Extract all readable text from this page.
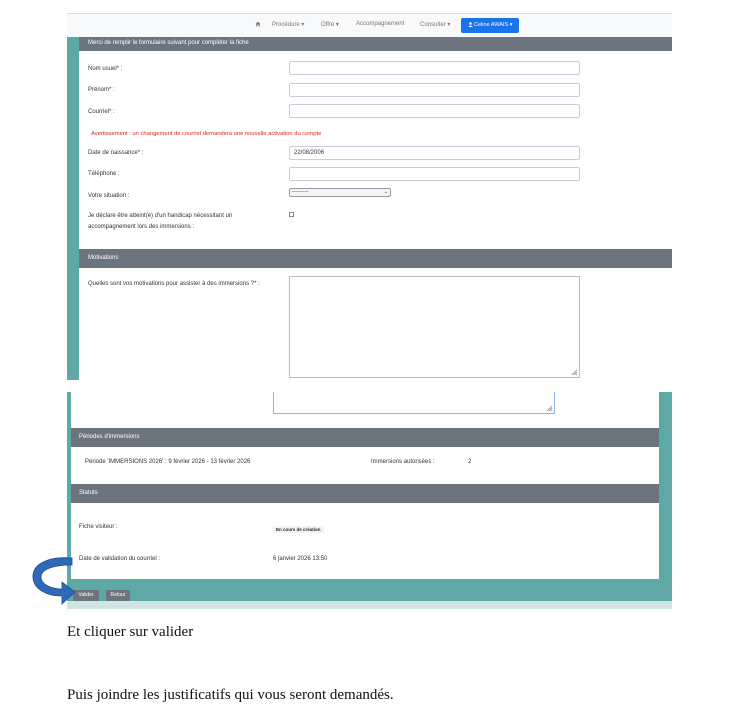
Procédure ▾	Offre ▾	Accompagnement	Consulter ▾	Celine AWAIS ▾
Merci de remplir le formulaire suivant pour compléter la fiche
Nom usuel* :
Prénom* :
Courriel* :
Avertissement : un changement de courriel demandera une nouvelle activation du compte
Date de naissance* :	22/08/2006
Téléphone :
Votre situation :
---------	⌄
Je déclare être atteint(e) d'un handicap nécessitant un
accompagnement lors des immersions :
Motivations
Quelles sont vos motivations pour assister à des immersions ?* :
Périodes d'immersions
Période 'IMMERSIONS 2026' : 9 février 2026 - 13 février 2026	Immersions autorisées :	2
Statuts
Fiche visiteur :	En cours de création
Date de validation du courriel :	6 janvier 2026 13:50
Valider	Retour
Et cliquer sur valider
Puis joindre les justificatifs qui vous seront demandés.
